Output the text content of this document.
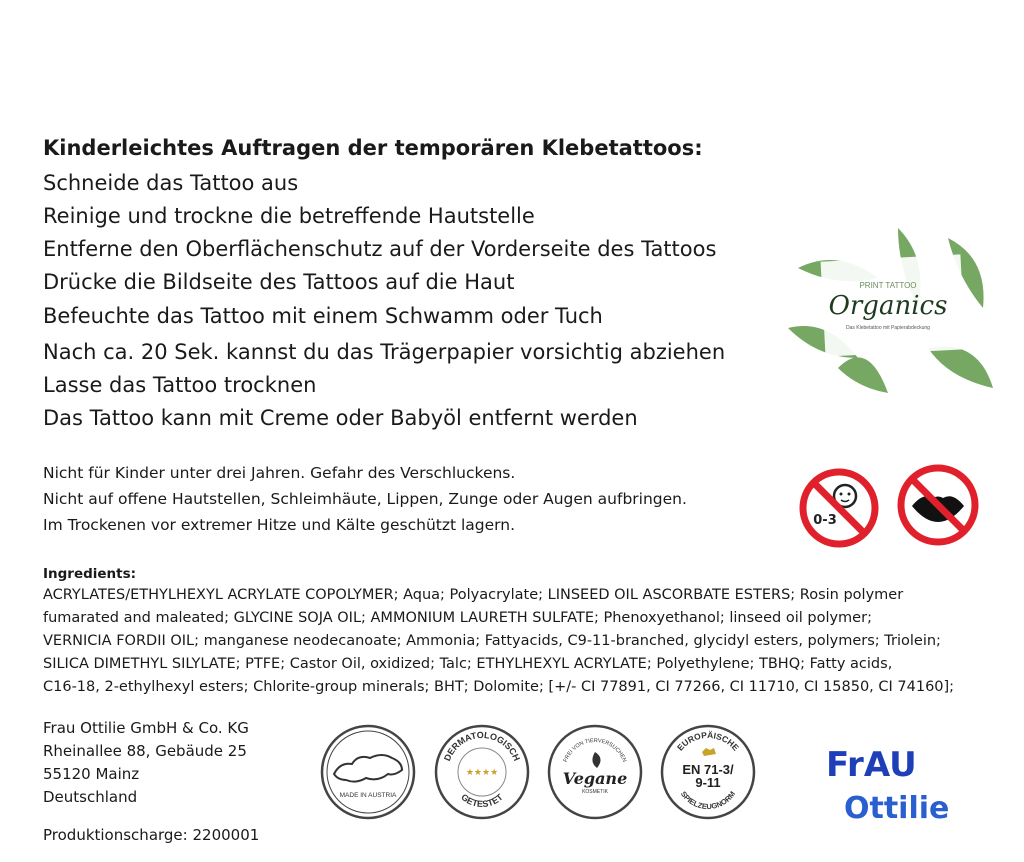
Kinderleichtes Auftragen der temporären Klebetattoos:
Schneide das Tattoo aus
Reinige und trockne die betreffende Hautstelle
Entferne den Oberflächenschutz auf der Vorderseite des Tattoos
Drücke die Bildseite des Tattoos auf die Haut
Befeuchte das Tattoo mit einem Schwamm oder Tuch
Nach ca. 20 Sek. kannst du das Trägerpapier vorsichtig abziehen
Lasse das Tattoo trocknen
Das Tattoo kann mit Creme oder Babyöl entfernt werden
PRINT TATTOO
Organics
Das Klebetattoo mit Papierabdeckung
Nicht für Kinder unter drei Jahren. Gefahr des Verschluckens.
Nicht auf offene Hautstellen, Schleimhäute, Lippen, Zunge oder Augen aufbringen.
Im Trockenen vor extremer Hitze und Kälte geschützt lagern.	0-3
Ingredients:
ACRYLATES/ETHYLHEXYL ACRYLATE COPOLYMER; Aqua; Polyacrylate; LINSEED OIL ASCORBATE ESTERS; Rosin polymer
fumarated and maleated; GLYCINE SOJA OIL; AMMONIUM LAURETH SULFATE; Phenoxyethanol; linseed oil polymer;
VERNICIA FORDII OIL; manganese neodecanoate; Ammonia; Fattyacids, C9-11-branched, glycidyl esters, polymers; Triolein;
SILICA DIMETHYL SILYLATE; PTFE; Castor Oil, oxidized; Talc; ETHYLHEXYL ACRYLATE; Polyethylene; TBHQ; Fatty acids,
C16-18, 2-ethylhexyl esters; Chlorite-group minerals; BHT; Dolomite; [+/- CI 77891, CI 77266, CI 11710, CI 15850, CI 74160];
Frau Ottilie GmbH & Co. KG
Rheinallee 88, Gebäude 25
55120 Mainz
Deutschland
Produktionscharge: 2200001
MADE IN AUSTRIA
DERMATOLOGISCH
GETESTET
★★★★
FREI VON TIERVERSUCHEN
Vegane
KOSMETIK
EUROPÄISCHE
EN 71-3/
9-11
SPIELZEUGNORM
FrAU
Ottilie
